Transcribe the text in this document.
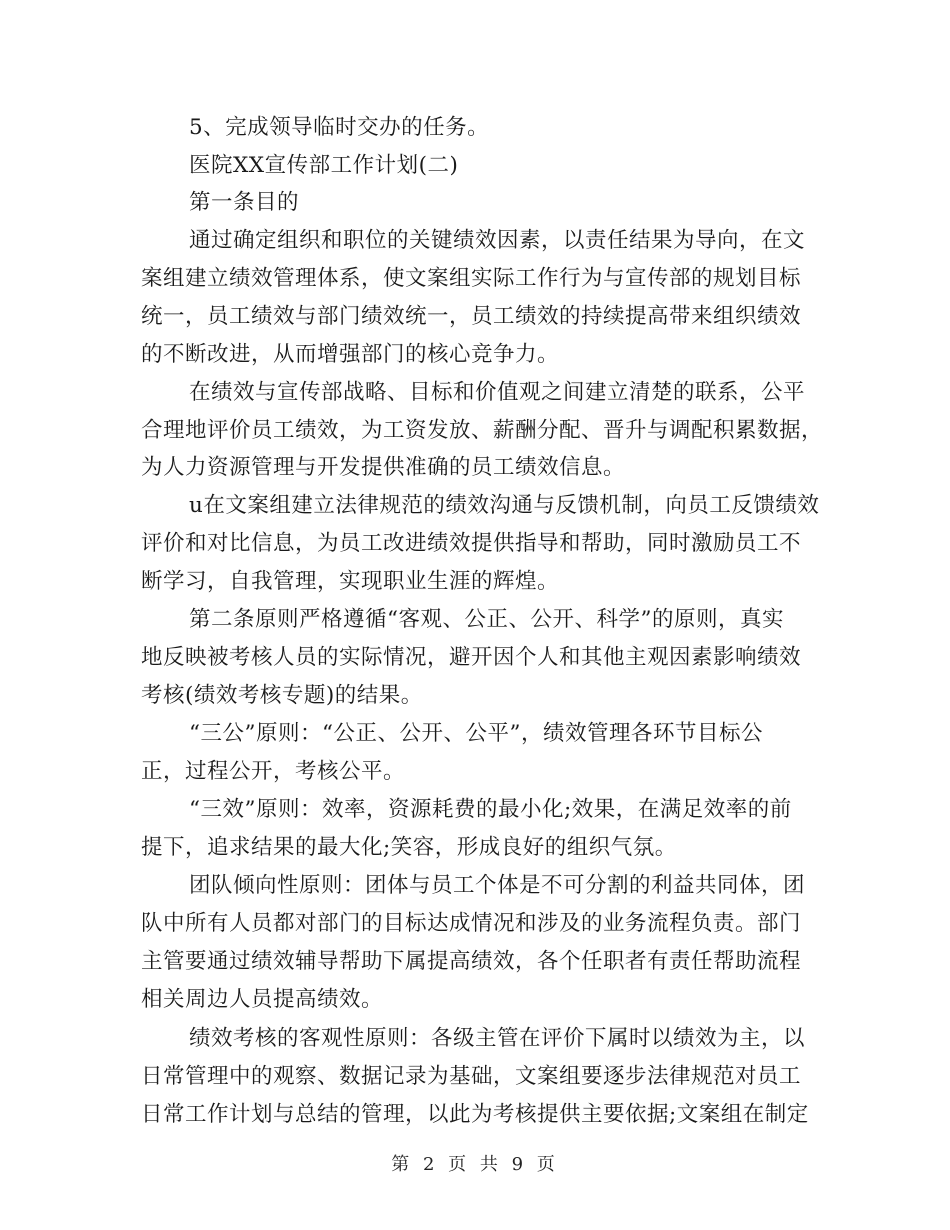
5、完成领导临时交办的任务。
医院XX宣传部工作计划(二)
第一条目的
通过确定组织和职位的关键绩效因素，以责任结果为导向，在文
案组建立绩效管理体系，使文案组实际工作行为与宣传部的规划目标
统一，员工绩效与部门绩效统一，员工绩效的持续提高带来组织绩效
的不断改进，从而增强部门的核心竞争力。
在绩效与宣传部战略、目标和价值观之间建立清楚的联系，公平
合理地评价员工绩效，为工资发放、薪酬分配、晋升与调配积累数据，
为人力资源管理与开发提供准确的员工绩效信息。
u在文案组建立法律规范的绩效沟通与反馈机制，向员工反馈绩效
评价和对比信息，为员工改进绩效提供指导和帮助，同时激励员工不
断学习，自我管理，实现职业生涯的辉煌。
第二条原则严格遵循“客观、公正、公开、科学”的原则，真实
地反映被考核人员的实际情况，避开因个人和其他主观因素影响绩效
考核(绩效考核专题)的结果。
“三公”原则：“公正、公开、公平”，绩效管理各环节目标公
正，过程公开，考核公平。
“三效”原则：效率，资源耗费的最小化;效果，在满足效率的前
提下，追求结果的最大化;笑容，形成良好的组织气氛。
团队倾向性原则：团体与员工个体是不可分割的利益共同体，团
队中所有人员都对部门的目标达成情况和涉及的业务流程负责。部门
主管要通过绩效辅导帮助下属提高绩效，各个任职者有责任帮助流程
相关周边人员提高绩效。
绩效考核的客观性原则：各级主管在评价下属时以绩效为主，以
日常管理中的观察、数据记录为基础，文案组要逐步法律规范对员工
日常工作计划与总结的管理，以此为考核提供主要依据;文案组在制定
第 2 页 共 9 页
